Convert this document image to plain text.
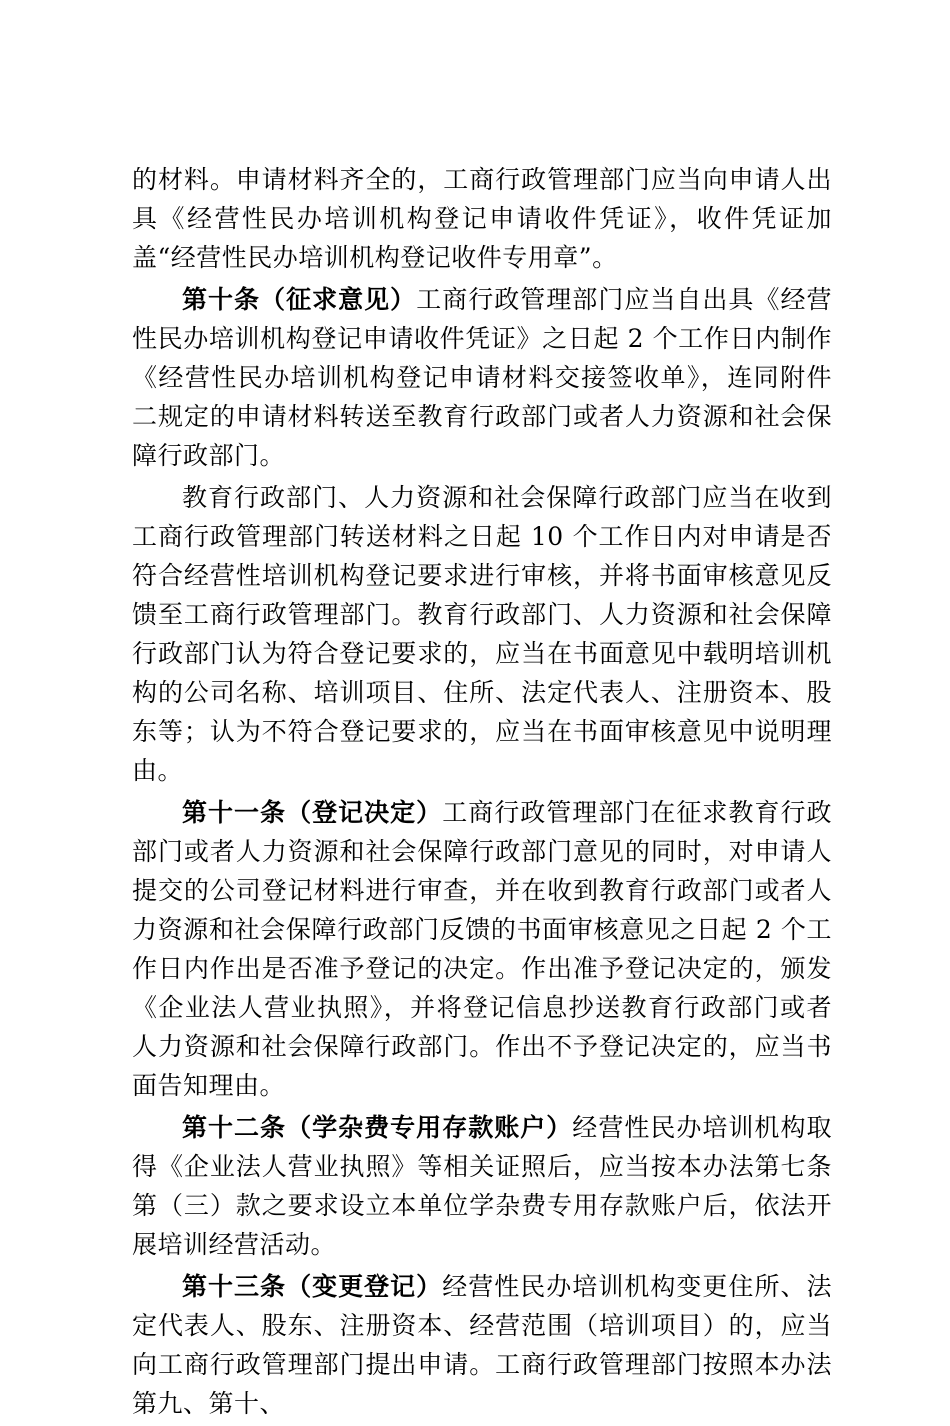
的材料。申请材料齐全的，工商行政管理部门应当向申请人出具《经营性民办培训机构登记申请收件凭证》，收件凭证加盖“经营性民办培训机构登记收件专用章”。

第十条（征求意见）工商行政管理部门应当自出具《经营性民办培训机构登记申请收件凭证》之日起 2 个工作日内制作《经营性民办培训机构登记申请材料交接签收单》，连同附件二规定的申请材料转送至教育行政部门或者人力资源和社会保障行政部门。

教育行政部门、人力资源和社会保障行政部门应当在收到工商行政管理部门转送材料之日起 10 个工作日内对申请是否符合经营性培训机构登记要求进行审核，并将书面审核意见反馈至工商行政管理部门。教育行政部门、人力资源和社会保障行政部门认为符合登记要求的，应当在书面意见中载明培训机构的公司名称、培训项目、住所、法定代表人、注册资本、股东等；认为不符合登记要求的，应当在书面审核意见中说明理由。

第十一条（登记决定）工商行政管理部门在征求教育行政部门或者人力资源和社会保障行政部门意见的同时，对申请人提交的公司登记材料进行审查，并在收到教育行政部门或者人力资源和社会保障行政部门反馈的书面审核意见之日起 2 个工作日内作出是否准予登记的决定。作出准予登记决定的，颁发《企业法人营业执照》，并将登记信息抄送教育行政部门或者人力资源和社会保障行政部门。作出不予登记决定的，应当书面告知理由。

第十二条（学杂费专用存款账户）经营性民办培训机构取得《企业法人营业执照》等相关证照后，应当按本办法第七条第（三）款之要求设立本单位学杂费专用存款账户后，依法开展培训经营活动。

第十三条（变更登记）经营性民办培训机构变更住所、法定代表人、股东、注册资本、经营范围（培训项目）的，应当向工商行政管理部门提出申请。工商行政管理部门按照本办法第九、第十、
